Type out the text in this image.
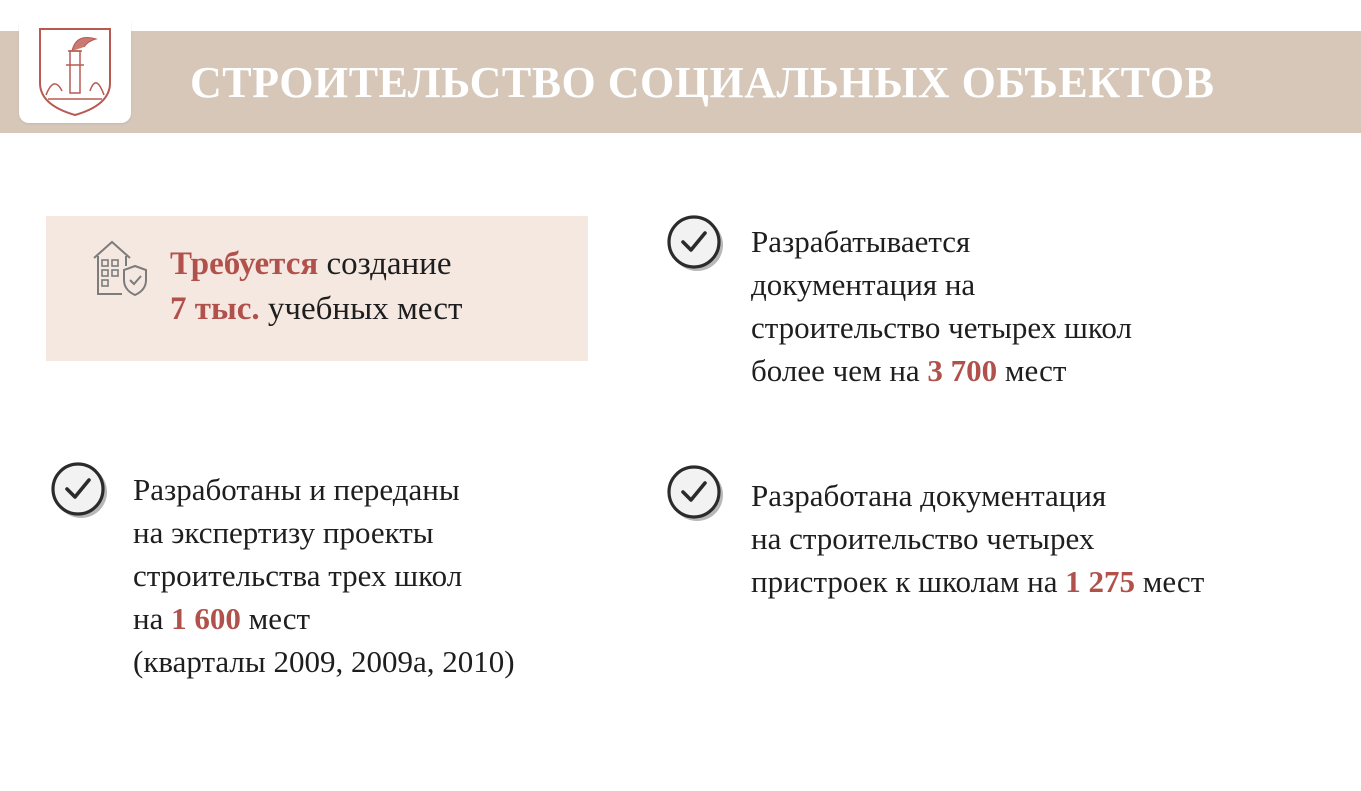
СТРОИТЕЛЬСТВО СОЦИАЛЬНЫХ ОБЪЕКТОВ
Требуется создание
7 тыс. учебных мест
Разрабатывается
документация на
строительство четырех школ
более чем на 3 700 мест
Разработаны и переданы
на экспертизу проекты
строительства трех школ
на 1 600 мест
(кварталы 2009, 2009а, 2010)
Разработана документация
на строительство четырех
пристроек к школам на 1 275 мест
